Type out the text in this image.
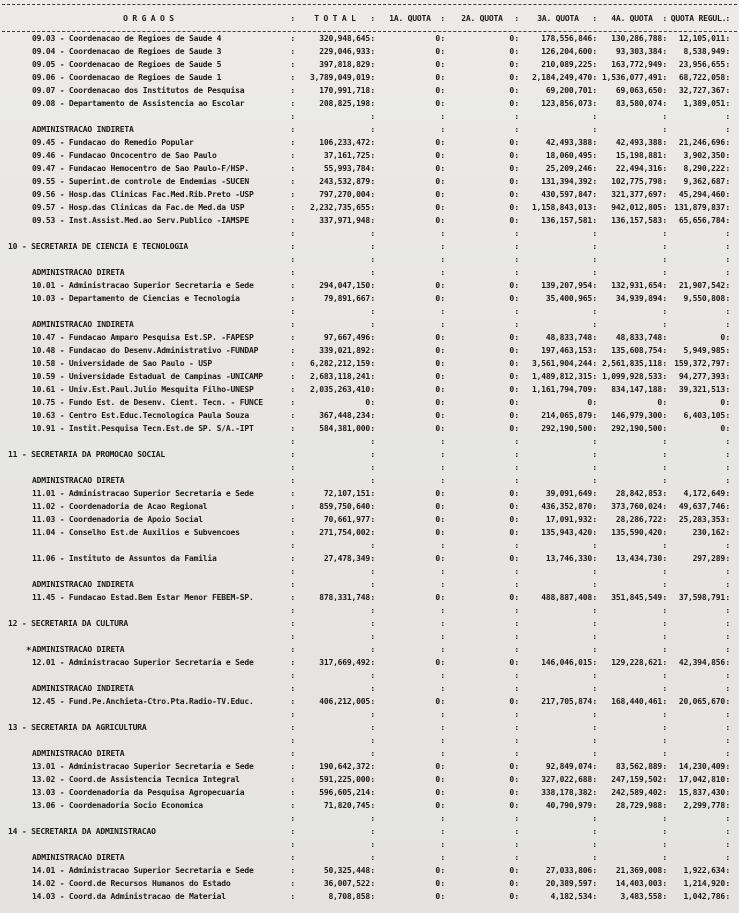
O R G A O S :	T O T A L :	1A. QUOTA :	2A. QUOTA :	3A. QUOTA :	4A. QUOTA :	QUOTA REGUL. :
09.03 - Coordenacao de Regioes de Saude 4 :	320,948,645 :	0 :	0 :	178,556,846 :	130,286,788 :	12,105,011 :
09.04 - Coordenacao de Regioes de Saude 3 :	229,046,933 :	0 :	0 :	126,204,600 :	93,303,384 :	8,538,949 :
09.05 - Coordenacao de Regioes de Saude 5 :	397,818,829 :	0 :	0 :	210,089,225 :	163,772,949 :	23,956,655 :
09.06 - Coordenacao de Regioes de Saude 1 :	3,789,049,019 :	0 :	0 :	2,184,249,470 :	1,536,077,491 :	68,722,058 :
09.07 - Coordenacao dos Institutos de Pesquisa :	170,991,718 :	0 :	0 :	69,200,701 :	69,063,650 :	32,727,367 :
09.08 - Departamento de Assistencia ao Escolar :	208,825,198 :	0 :	0 :	123,856,073 :	83,580,074 :	1,389,051 :
:
:
:
:
:
:
:
ADMINISTRACAO INDIRETA :
:
:
:
:
:
:
09.45 - Fundacao do Remedio Popular :	106,233,472 :	0 :	0 :	42,493,388 :	42,493,388 :	21,246,696 :
09.46 - Fundacao Oncocentro de Sao Paulo :	37,161,725 :	0 :	0 :	18,060,495 :	15,198,881 :	3,902,350 :
09.47 - Fundacao Hemocentro de Sao Paulo-F/HSP. :	55,993,784 :	0 :	0 :	25,209,246 :	22,494,316 :	8,290,222 :
09.55 - Superint.de controle de Endemias -SUCEN :	243,532,879 :	0 :	0 :	131,394,392 :	102,775,798 :	9,362,687 :
09.56 - Hosp.das Clinicas Fac.Med.Rib.Preto -USP :	797,270,004 :	0 :	0 :	430,597,847 :	321,377,697 :	45,294,460 :
09.57 - Hosp.das Clinicas da Fac.de Med.da USP :	2,232,735,655 :	0 :	0 :	1,158,843,013 :	942,012,805 :	131,879,837 :
09.53 - Inst.Assist.Med.ao Serv.Publico -IAMSPE :	337,971,948 :	0 :	0 :	136,157,581 :	136,157,583 :	65,656,784 :
:
:
:
:
:
:
:
10 - SECRETARIA DE CIENCIA E TECNOLOGIA :
:
:
:
:
:
:
:
:
:
:
:
:
:
ADMINISTRACAO DIRETA :
:
:
:
:
:
:
10.01 - Administracao Superior Secretaria e Sede :	294,047,150 :	0 :	0 :	139,207,954 :	132,931,654 :	21,907,542 :
10.03 - Departamento de Ciencias e Tecnologia :	79,891,667 :	0 :	0 :	35,400,965 :	34,939,894 :	9,550,808 :
:
:
:
:
:
:
:
ADMINISTRACAO INDIRETA :
:
:
:
:
:
:
10.47 - Fundacao Amparo Pesquisa Est.SP. -FAPESP :	97,667,496 :	0 :	0 :	48,833,748 :	48,833,748 :	0 :
10.48 - Fundacao do Desenv.Administrativo -FUNDAP :	339,021,892 :	0 :	0 :	197,463,153 :	135,608,754 :	5,949,985 :
10.58 - Universidade de Sao Paulo - USP :	6,282,212,159 :	0 :	0 :	3,561,904,244 :	2,561,835,118 :	159,372,797 :
10.59 - Universidade Estadual de Campinas -UNICAMP :	2,683,118,241 :	0 :	0 :	1,489,812,315 :	1,099,928,533 :	94,277,393 :
10.61 - Univ.Est.Paul.Julio Mesquita Filho-UNESP :	2,035,263,410 :	0 :	0 :	1,161,794,709 :	834,147,188 :	39,321,513 :
10.75 - Fundo Est. de Desenv. Cient. Tecn. - FUNCE :	0 :	0 :	0 :	0 :	0 :	0 :
10.63 - Centro Est.Educ.Tecnologica Paula Souza :	367,448,234 :	0 :	0 :	214,065,879 :	146,979,300 :	6,403,105 :
10.91 - Instit.Pesquisa Tecn.Est.de SP. S/A.-IPT :	584,381,000 :	0 :	0 :	292,190,500 :	292,190,500 :	0 :
:
:
:
:
:
:
:
11 - SECRETARIA DA PROMOCAO SOCIAL :
:
:
:
:
:
:
:
:
:
:
:
:
:
ADMINISTRACAO DIRETA :
:
:
:
:
:
:
11.01 - Administracao Superior Secretaria e Sede :	72,107,151 :	0 :	0 :	39,091,649 :	28,842,853 :	4,172,649 :
11.02 - Coordenadoria de Acao Regional :	859,750,640 :	0 :	0 :	436,352,870 :	373,760,024 :	49,637,746 :
11.03 - Coordenadoria de Apoio Social :	70,661,977 :	0 :	0 :	17,091,932 :	28,286,722 :	25,283,353 :
11.04 - Conselho Est.de Auxilios e Subvencoes :	271,754,002 :	0 :	0 :	135,943,420 :	135,590,420 :	230,162 :
:
:
:
:
:
:
:
11.06 - Instituto de Assuntos da Familia :	27,478,349 :	0 :	0 :	13,746,330 :	13,434,730 :	297,289 :
:
:
:
:
:
:
:
ADMINISTRACAO INDIRETA :
:
:
:
:
:
:
11.45 - Fundacao Estad.Bem Estar Menor FEBEM-SP. :	878,331,748 :	0 :	0 :	488,887,408 :	351,845,549 :	37,598,791 :
:
:
:
:
:
:
:
12 - SECRETARIA DA CULTURA :
:
:
:
:
:
:
:
:
:
:
:
:
:
ADMINISTRACAO DIRETA :
:
:
:
:
:
:
12.01 - Administracao Superior Secretaria e Sede :	317,669,492 :	0 :	0 :	146,046,015 :	129,228,621 :	42,394,856 :
:
:
:
:
:
:
:
ADMINISTRACAO INDIRETA :
:
:
:
:
:
:
12.45 - Fund.Pe.Anchieta-Ctro.Pta.Radio-TV.Educ. :	406,212,005 :	0 :	0 :	217,705,874 :	168,440,461 :	20,065,670 :
:
:
:
:
:
:
:
13 - SECRETARIA DA AGRICULTURA :
:
:
:
:
:
:
:
:
:
:
:
:
:
ADMINISTRACAO DIRETA :
:
:
:
:
:
:
13.01 - Administracao Superior Secretaria e Sede :	190,642,372 :	0 :	0 :	92,849,074 :	83,562,889 :	14,230,409 :
13.02 - Coord.de Assistencia Tecnica Integral :	591,225,000 :	0 :	0 :	327,022,688 :	247,159,502 :	17,042,810 :
13.03 - Coordenadoria da Pesquisa Agropecuaria :	596,605,214 :	0 :	0 :	338,178,382 :	242,589,402 :	15,837,430 :
13.06 - Coordenadoria Socio Economica :	71,820,745 :	0 :	0 :	40,790,979 :	28,729,988 :	2,299,778 :
:
:
:
:
:
:
:
14 - SECRETARIA DA ADMINISTRACAO :
:
:
:
:
:
:
:
:
:
:
:
:
:
ADMINISTRACAO DIRETA :
:
:
:
:
:
:
14.01 - Administracao Superior Secretaria e Sede :	50,325,448 :	0 :	0 :	27,033,806 :	21,369,008 :	1,922,634 :
14.02 - Coord.de Recursos Humanos do Estado :	36,007,522 :	0 :	0 :	20,389,597 :	14,403,003 :	1,214,920 :
14.03 - Coord.da Administracao de Material :	8,708,858 :	0 :	0 :	4,182,534 :	3,483,558 :	1,042,786 :
*
